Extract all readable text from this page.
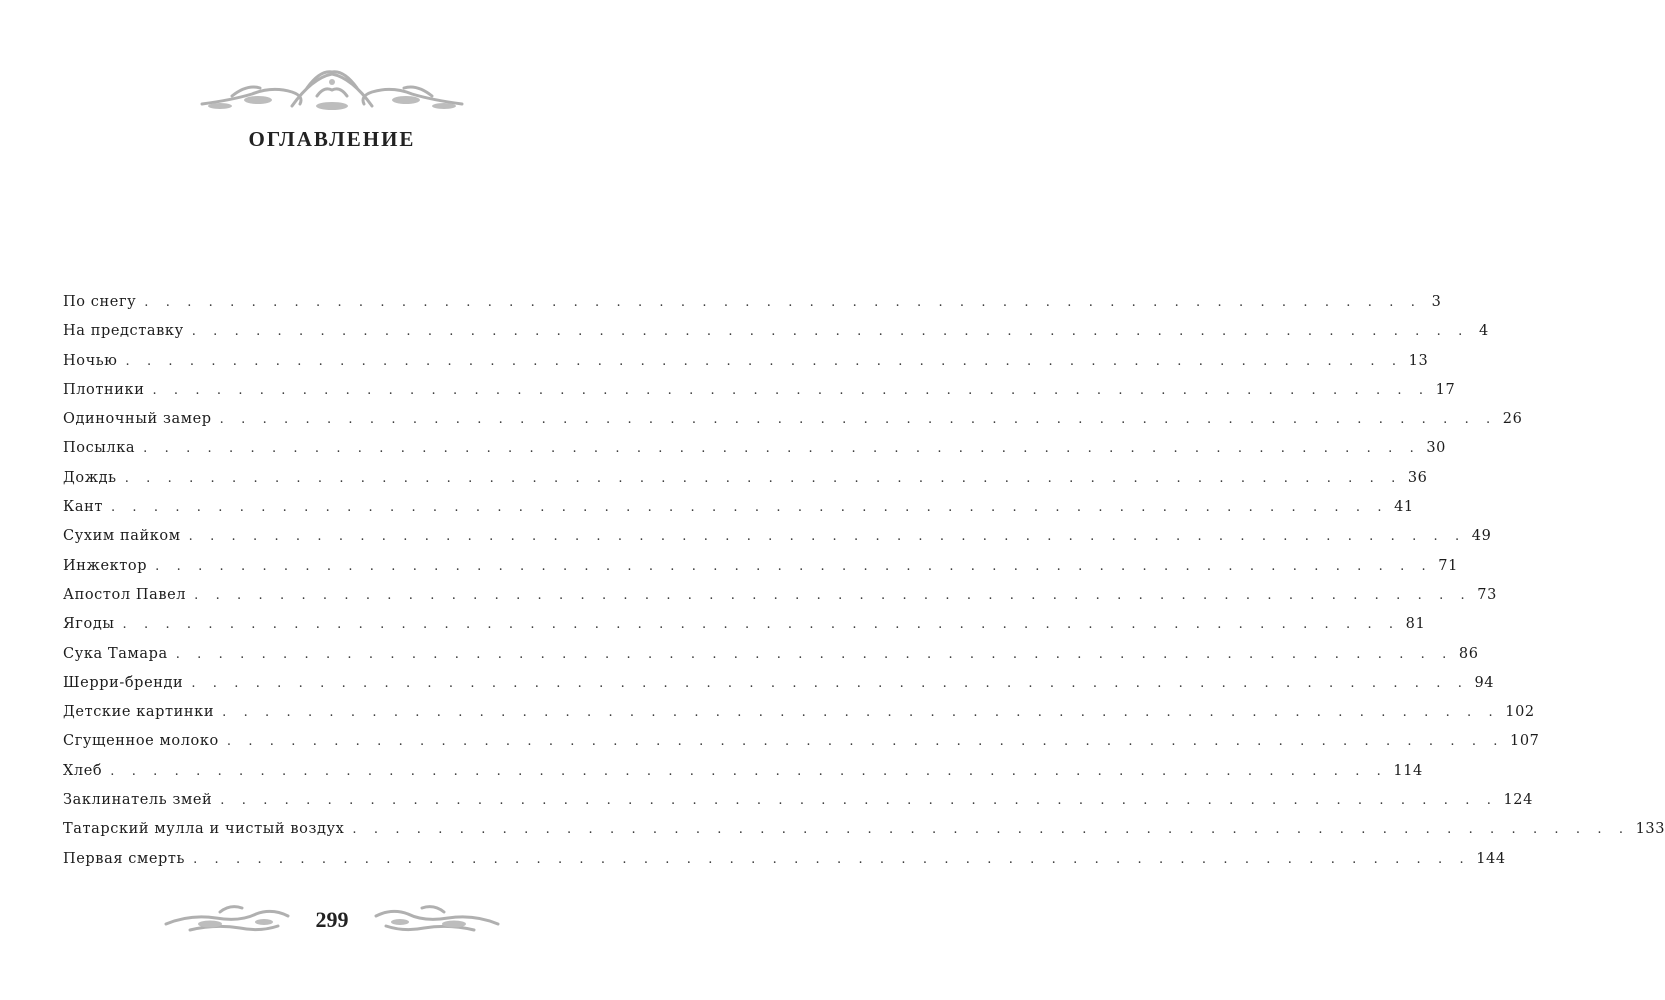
ОГЛАВЛЕНИЕ
По снегу . . . . . . . . . . . . . . . . . . . . . . . . . . . . . . . . . . . . . . . . . . . . . . . . . . . . . . . . . . . . 3
На представку . . . . . . . . . . . . . . . . . . . . . . . . . . . . . . . . . . . . . . . . . . . . . . . . . . . . . . . . . . . . 4
Ночью . . . . . . . . . . . . . . . . . . . . . . . . . . . . . . . . . . . . . . . . . . . . . . . . . . . . . . . . . . . . 13
Плотники . . . . . . . . . . . . . . . . . . . . . . . . . . . . . . . . . . . . . . . . . . . . . . . . . . . . . . . . . . . . 17
Одиночный замер . . . . . . . . . . . . . . . . . . . . . . . . . . . . . . . . . . . . . . . . . . . . . . . . . . . . . . . . . . . . 26
Посылка . . . . . . . . . . . . . . . . . . . . . . . . . . . . . . . . . . . . . . . . . . . . . . . . . . . . . . . . . . . . 30
Дождь . . . . . . . . . . . . . . . . . . . . . . . . . . . . . . . . . . . . . . . . . . . . . . . . . . . . . . . . . . . . 36
Кант . . . . . . . . . . . . . . . . . . . . . . . . . . . . . . . . . . . . . . . . . . . . . . . . . . . . . . . . . . . . 41
Сухим пайком . . . . . . . . . . . . . . . . . . . . . . . . . . . . . . . . . . . . . . . . . . . . . . . . . . . . . . . . . . . . 49
Инжектор . . . . . . . . . . . . . . . . . . . . . . . . . . . . . . . . . . . . . . . . . . . . . . . . . . . . . . . . . . . . 71
Апостол Павел . . . . . . . . . . . . . . . . . . . . . . . . . . . . . . . . . . . . . . . . . . . . . . . . . . . . . . . . . . . . 73
Ягоды . . . . . . . . . . . . . . . . . . . . . . . . . . . . . . . . . . . . . . . . . . . . . . . . . . . . . . . . . . . . 81
Сука Тамара . . . . . . . . . . . . . . . . . . . . . . . . . . . . . . . . . . . . . . . . . . . . . . . . . . . . . . . . . . . . 86
Шерри-бренди . . . . . . . . . . . . . . . . . . . . . . . . . . . . . . . . . . . . . . . . . . . . . . . . . . . . . . . . . . . . 94
Детские картинки . . . . . . . . . . . . . . . . . . . . . . . . . . . . . . . . . . . . . . . . . . . . . . . . . . . . . . . . . . . . 102
Сгущенное молоко . . . . . . . . . . . . . . . . . . . . . . . . . . . . . . . . . . . . . . . . . . . . . . . . . . . . . . . . . . . . 107
Хлеб . . . . . . . . . . . . . . . . . . . . . . . . . . . . . . . . . . . . . . . . . . . . . . . . . . . . . . . . . . . . 114
Заклинатель змей . . . . . . . . . . . . . . . . . . . . . . . . . . . . . . . . . . . . . . . . . . . . . . . . . . . . . . . . . . . . 124
Татарский мулла и чистый воздух . . . . . . . . . . . . . . . . . . . . . . . . . . . . . . . . . . . . . . . . . . . . . . . . . . . . . . . . . . . . 133
Первая смерть . . . . . . . . . . . . . . . . . . . . . . . . . . . . . . . . . . . . . . . . . . . . . . . . . . . . . . . . . . . . 144
299
